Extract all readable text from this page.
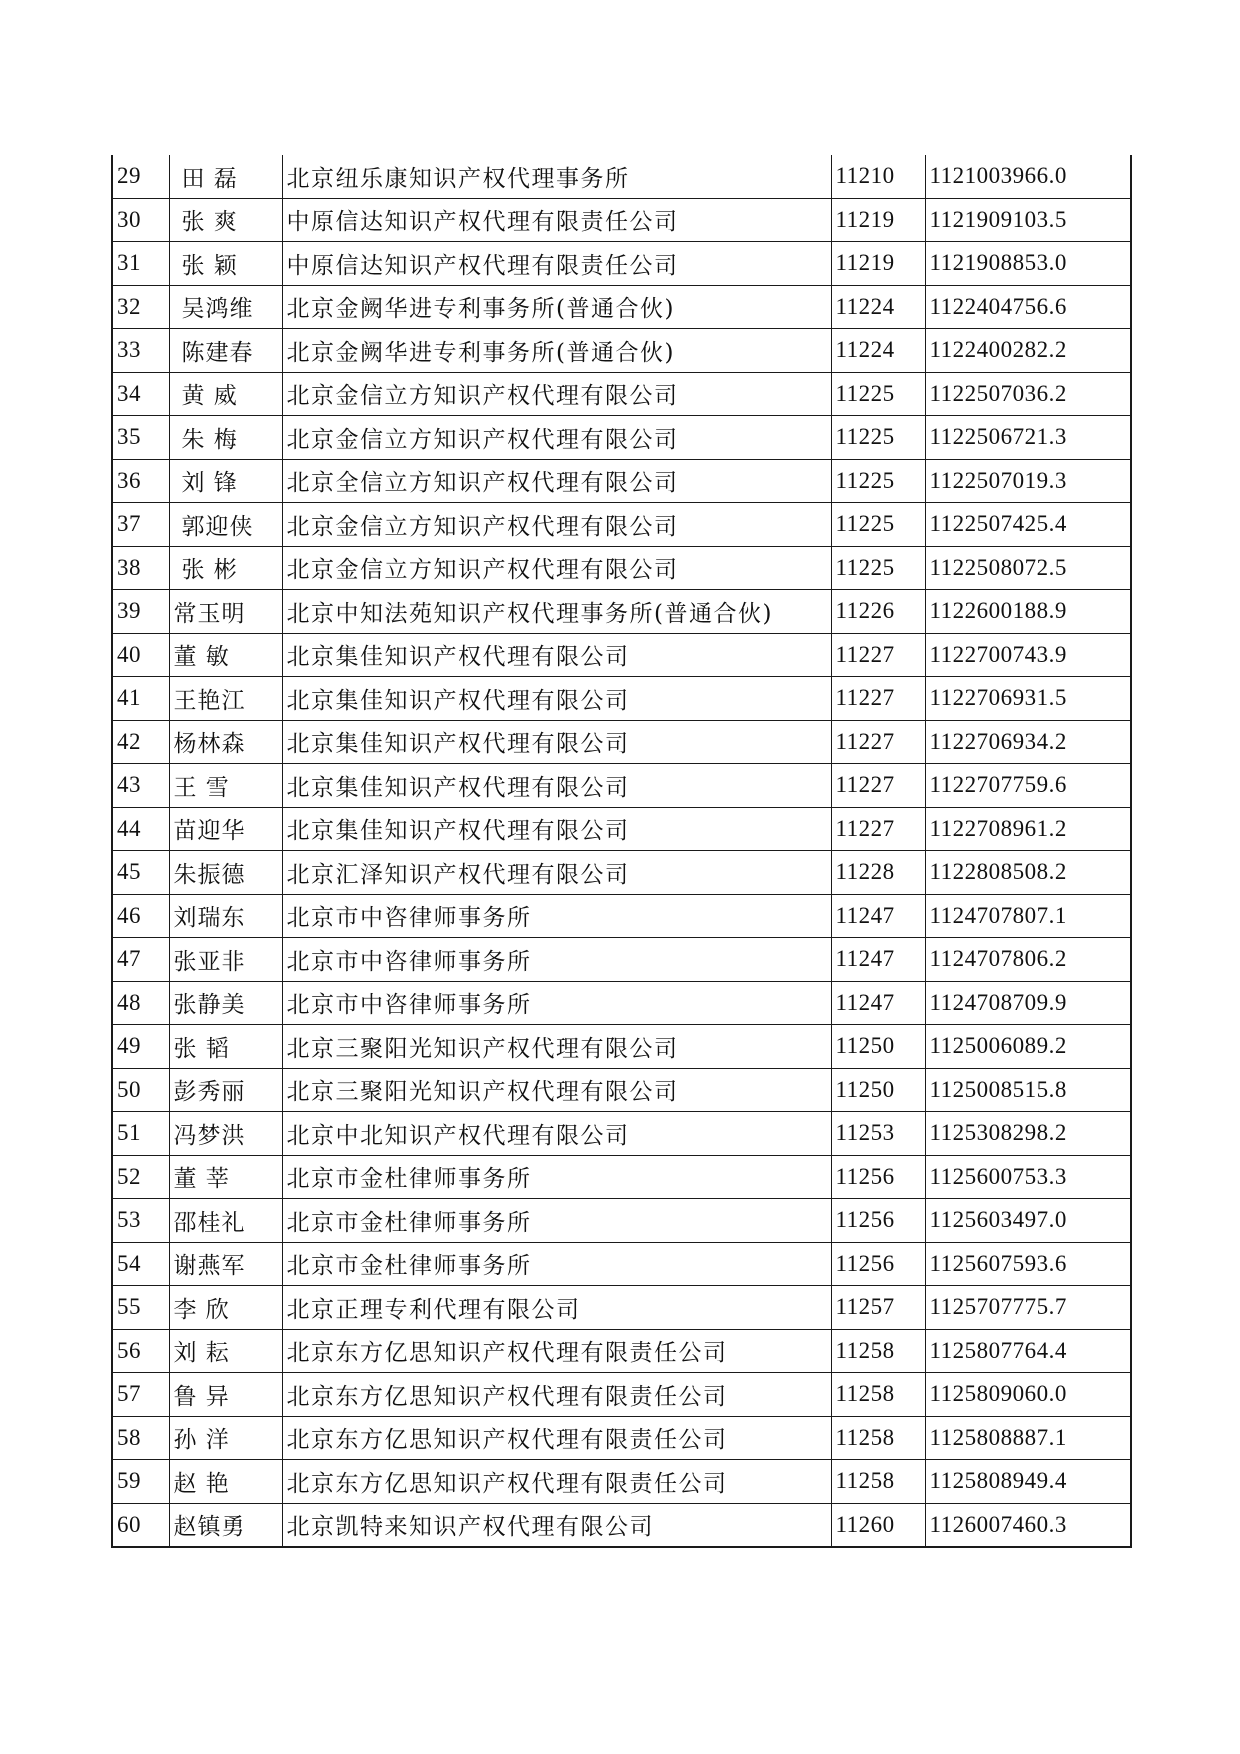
29	田 磊	北京纽乐康知识产权代理事务所	11210	1121003966.0
30	张 爽	中原信达知识产权代理有限责任公司	11219	1121909103.5
31	张 颖	中原信达知识产权代理有限责任公司	11219	1121908853.0
32	吴鸿维	北京金阙华进专利事务所(普通合伙)	11224	1122404756.6
33	陈建春	北京金阙华进专利事务所(普通合伙)	11224	1122400282.2
34	黄 威	北京金信立方知识产权代理有限公司	11225	1122507036.2
35	朱 梅	北京金信立方知识产权代理有限公司	11225	1122506721.3
36	刘 锋	北京全信立方知识产权代理有限公司	11225	1122507019.3
37	郭迎侠	北京金信立方知识产权代理有限公司	11225	1122507425.4
38	张 彬	北京金信立方知识产权代理有限公司	11225	1122508072.5
39	常玉明	北京中知法苑知识产权代理事务所(普通合伙)	11226	1122600188.9
40	董 敏	北京集佳知识产权代理有限公司	11227	1122700743.9
41	王艳江	北京集佳知识产权代理有限公司	11227	1122706931.5
42	杨林森	北京集佳知识产权代理有限公司	11227	1122706934.2
43	王 雪	北京集佳知识产权代理有限公司	11227	1122707759.6
44	苗迎华	北京集佳知识产权代理有限公司	11227	1122708961.2
45	朱振德	北京汇泽知识产权代理有限公司	11228	1122808508.2
46	刘瑞东	北京市中咨律师事务所	11247	1124707807.1
47	张亚非	北京市中咨律师事务所	11247	1124707806.2
48	张静美	北京市中咨律师事务所	11247	1124708709.9
49	张 韬	北京三聚阳光知识产权代理有限公司	11250	1125006089.2
50	彭秀丽	北京三聚阳光知识产权代理有限公司	11250	1125008515.8
51	冯梦洪	北京中北知识产权代理有限公司	11253	1125308298.2
52	董 莘	北京市金杜律师事务所	11256	1125600753.3
53	邵桂礼	北京市金杜律师事务所	11256	1125603497.0
54	谢燕军	北京市金杜律师事务所	11256	1125607593.6
55	李 欣	北京正理专利代理有限公司	11257	1125707775.7
56	刘 耘	北京东方亿思知识产权代理有限责任公司	11258	1125807764.4
57	鲁 异	北京东方亿思知识产权代理有限责任公司	11258	1125809060.0
58	孙 洋	北京东方亿思知识产权代理有限责任公司	11258	1125808887.1
59	赵 艳	北京东方亿思知识产权代理有限责任公司	11258	1125808949.4
60	赵镇勇	北京凯特来知识产权代理有限公司	11260	1126007460.3
